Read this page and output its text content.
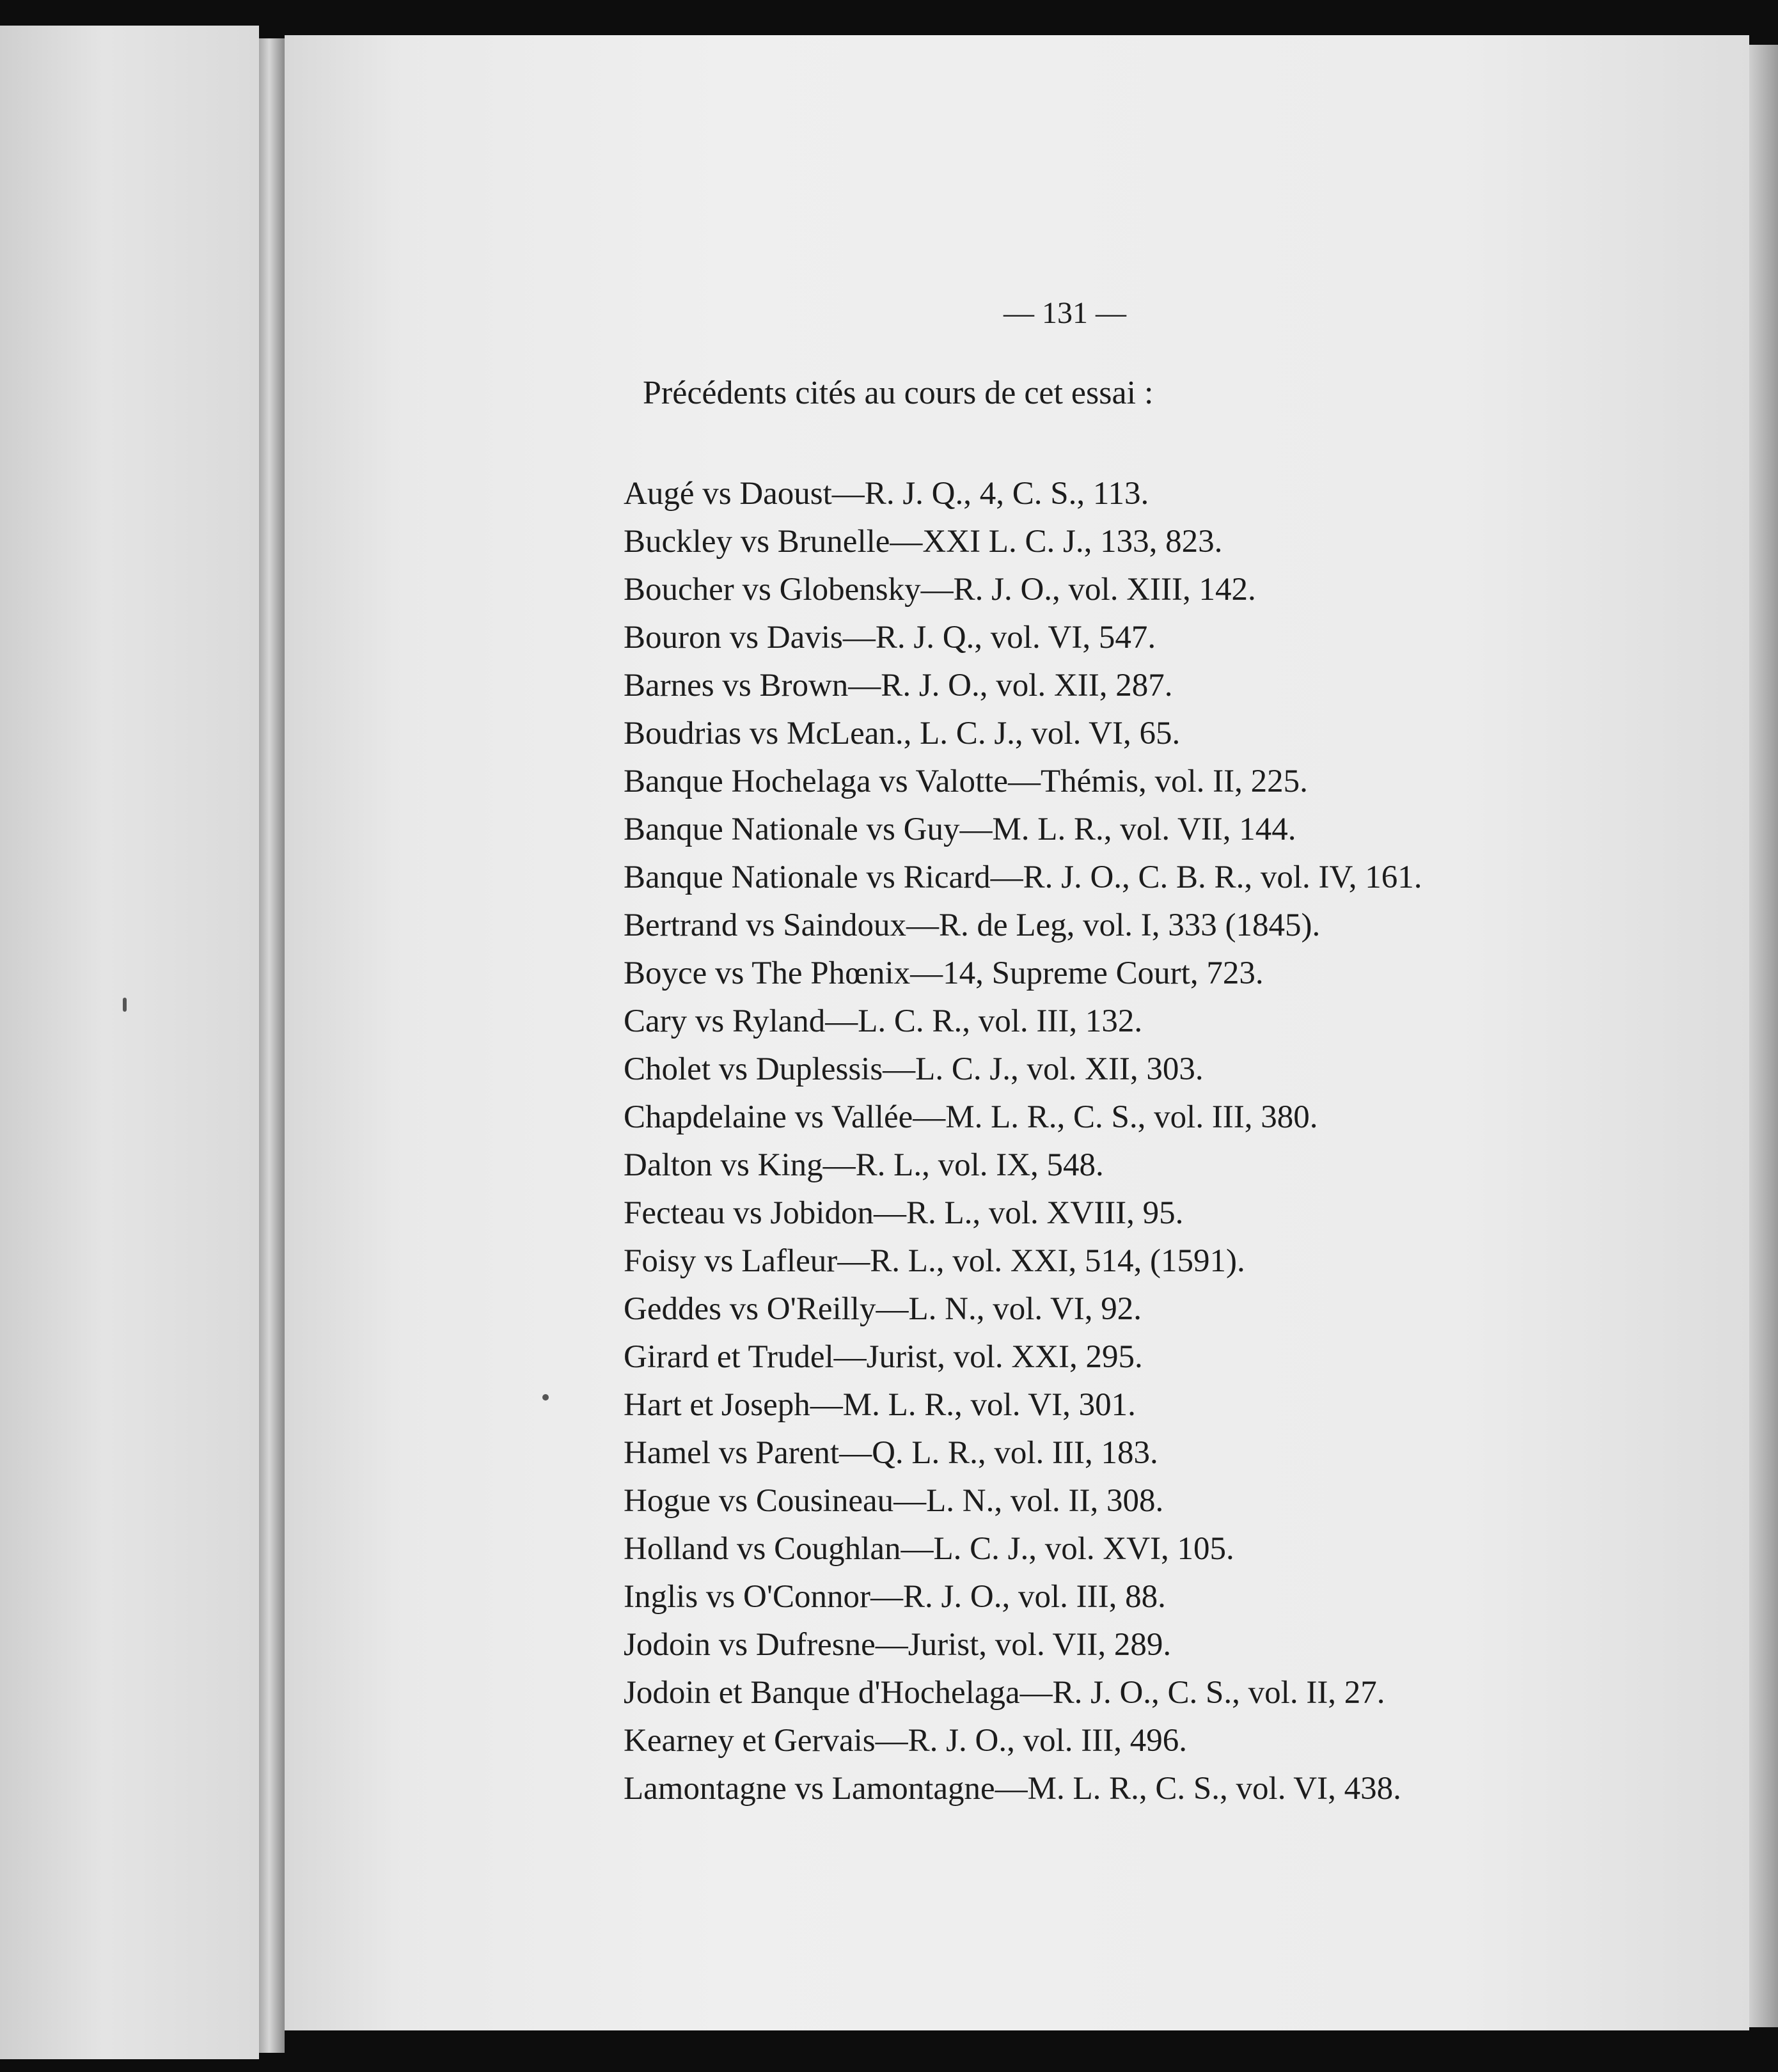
— 131 —
Précédents cités au cours de cet essai :
Augé vs Daoust—R. J. Q., 4, C. S., 113.
Buckley vs Brunelle—XXI L. C. J., 133, 823.
Boucher vs Globensky—R. J. O., vol. XIII, 142.
Bouron vs Davis—R. J. Q., vol. VI, 547.
Barnes vs Brown—R. J. O., vol. XII, 287.
Boudrias vs McLean., L. C. J., vol. VI, 65.
Banque Hochelaga vs Valotte—Thémis, vol. II, 225.
Banque Nationale vs Guy—M. L. R., vol. VII, 144.
Banque Nationale vs Ricard—R. J. O., C. B. R., vol. IV, 161.
Bertrand vs Saindoux—R. de Leg, vol. I, 333 (1845).
Boyce vs The Phœnix—14, Supreme Court, 723.
Cary vs Ryland—L. C. R., vol. III, 132.
Cholet vs Duplessis—L. C. J., vol. XII, 303.
Chapdelaine vs Vallée—M. L. R., C. S., vol. III, 380.
Dalton vs King—R. L., vol. IX, 548.
Fecteau vs Jobidon—R. L., vol. XVIII, 95.
Foisy vs Lafleur—R. L., vol. XXI, 514, (1591).
Geddes vs O'Reilly—L. N., vol. VI, 92.
Girard et Trudel—Jurist, vol. XXI, 295.
Hart et Joseph—M. L. R., vol. VI, 301.
Hamel vs Parent—Q. L. R., vol. III, 183.
Hogue vs Cousineau—L. N., vol. II, 308.
Holland vs Coughlan—L. C. J., vol. XVI, 105.
Inglis vs O'Connor—R. J. O., vol. III, 88.
Jodoin vs Dufresne—Jurist, vol. VII, 289.
Jodoin et Banque d'Hochelaga—R. J. O., C. S., vol. II, 27.
Kearney et Gervais—R. J. O., vol. III, 496.
Lamontagne vs Lamontagne—M. L. R., C. S., vol. VI, 438.
